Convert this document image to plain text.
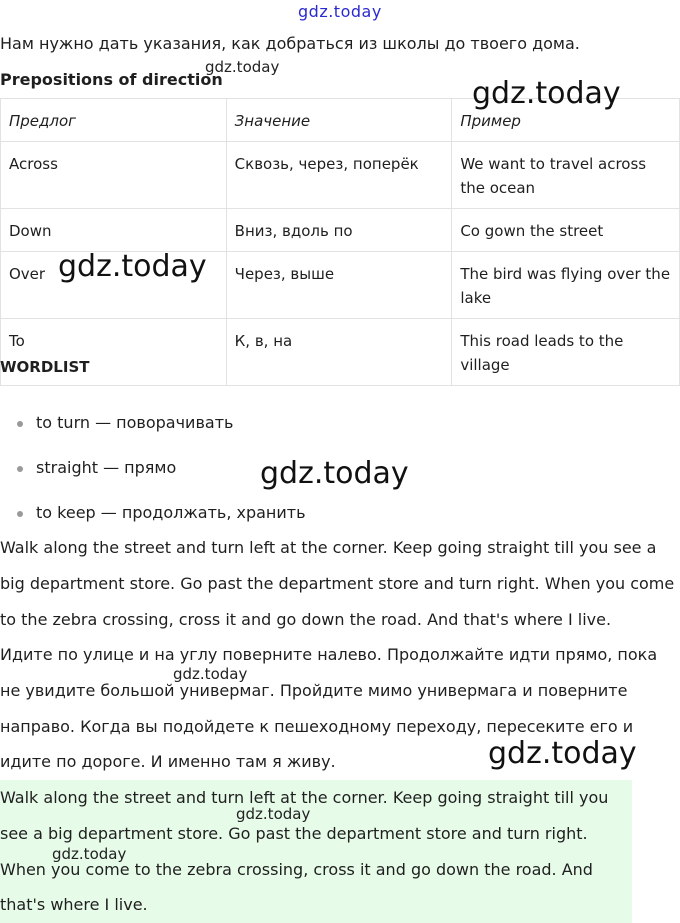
gdz.today
Нам нужно дать указания, как добраться из школы до твоего дома.
Prepositions of direction
Предлог	Значение	Пример
Across	Сквозь, через, поперёк	We want to travel across the ocean
Down	Вниз, вдоль по	Co gown the street
Over	Через, выше	The bird was flying over the lake
To	К, в, на	This road leads to the village
WORDLIST
to turn — поворачивать
straight — прямо
to keep — продолжать, хранить
Walk along the street and turn left at the corner. Keep going straight till you see a big department store. Go past the department store and turn right. When you come to the zebra crossing, cross it and go down the road. And that's where I live.
Идите по улице и на углу поверните налево. Продолжайте идти прямо, пока не увидите большой универмаг. Пройдите мимо универмага и поверните направо. Когда вы подойдете к пешеходному переходу, пересеките его и идите по дороге. И именно там я живу.
Walk along the street and turn left at the corner. Keep going straight till you see a big department store. Go past the department store and turn right. When you come to the zebra crossing, cross it and go down the road. And that's where I live.
gdz.today
gdz.today
gdz.today
gdz.today
gdz.today
gdz.today
gdz.today
gdz.today
